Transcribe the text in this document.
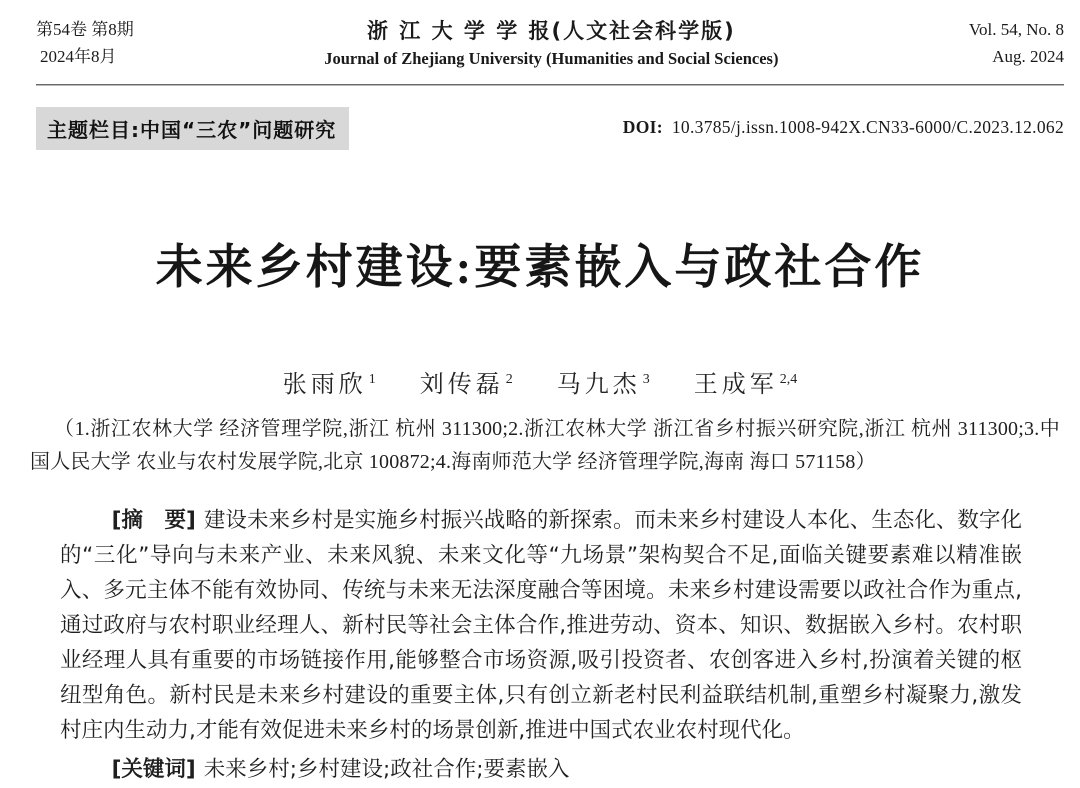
第54卷 第8期
2024年8月
浙 江 大 学 学 报(人文社会科学版)
Journal of Zhejiang University (Humanities and Social Sciences)
Vol. 54, No. 8
Aug. 2024
主题栏目:中国“三农”问题研究	DOI: 10.3785/j.issn.1008-942X.CN33-6000/C.2023.12.062
未来乡村建设:要素嵌入与政社合作
张雨欣 $^1$ 刘传磊 $^2$ 马九杰 $^3$ 王成军 $^{2,4}$

（1.浙江农林大学 经济管理学院,浙江 杭州 311300;2.浙江农林大学 浙江省乡村振兴研究院,浙江 杭州 311300;3.中国人民大学 农业与农村发展学院,北京 100872;4.海南师范大学 经济管理学院,海南 海口 571158）

[摘　要] 建设未来乡村是实施乡村振兴战略的新探索。而未来乡村建设人本化、生态化、数字化的“三化”导向与未来产业、未来风貌、未来文化等“九场景”架构契合不足,面临关键要素难以精准嵌入、多元主体不能有效协同、传统与未来无法深度融合等困境。未来乡村建设需要以政社合作为重点,通过政府与农村职业经理人、新村民等社会主体合作,推进劳动、资本、知识、数据嵌入乡村。农村职业经理人具有重要的市场链接作用,能够整合市场资源,吸引投资者、农创客进入乡村,扮演着关键的枢纽型角色。新村民是未来乡村建设的重要主体,只有创立新老村民利益联结机制,重塑乡村凝聚力,激发村庄内生动力,才能有效促进未来乡村的场景创新,推进中国式农业农村现代化。

[关键词] 未来乡村;乡村建设;政社合作;要素嵌入
